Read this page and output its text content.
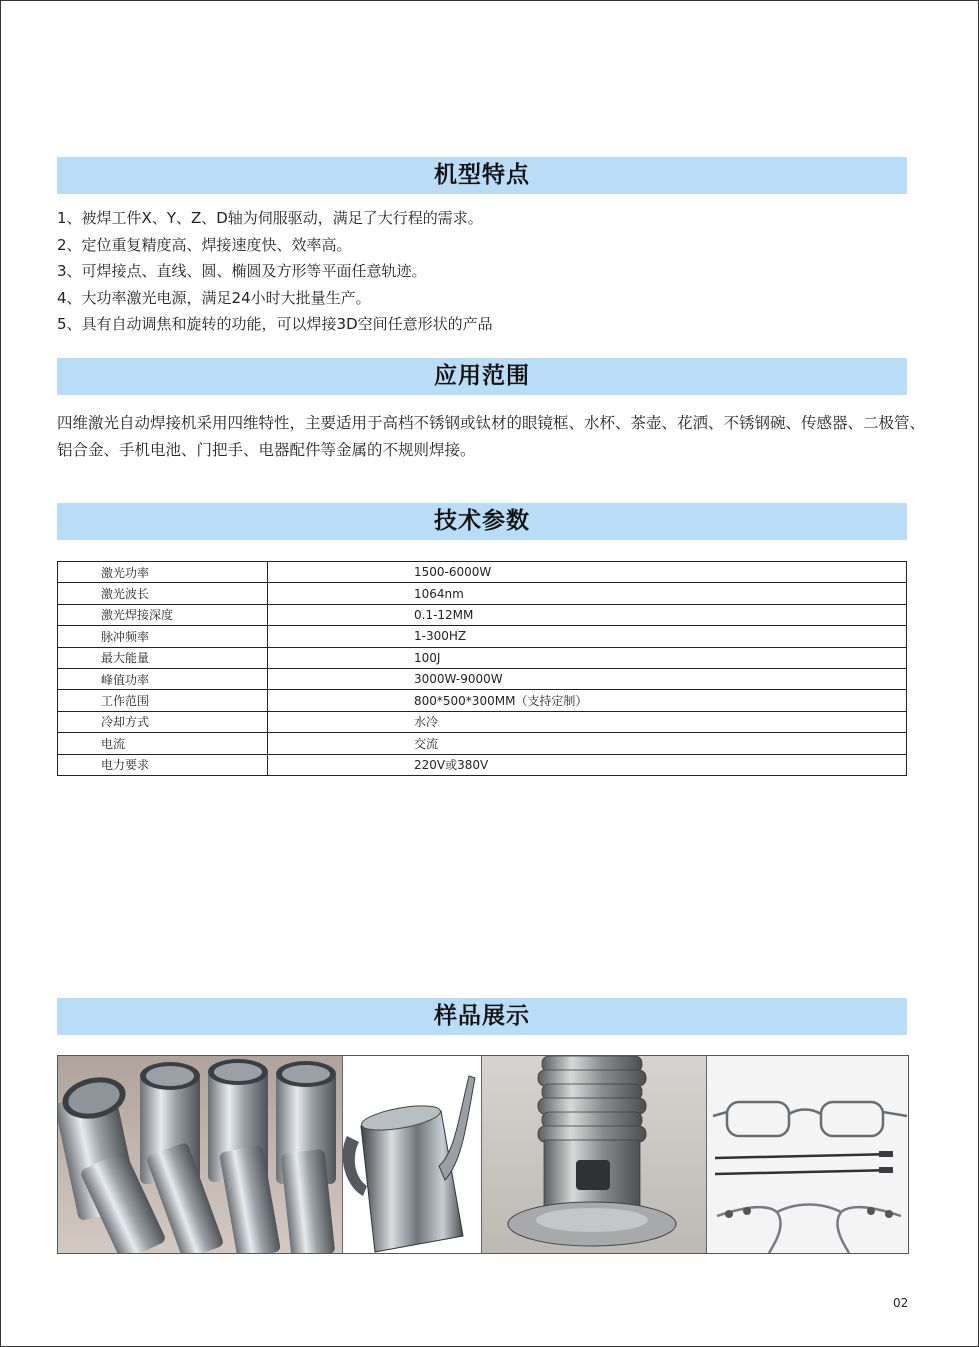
机型特点
1、被焊工件X、Y、Z、D轴为伺服驱动，满足了大行程的需求。
2、定位重复精度高、焊接速度快、效率高。
3、可焊接点、直线、圆、椭圆及方形等平面任意轨迹。
4、大功率激光电源，满足24小时大批量生产。
5、具有自动调焦和旋转的功能，可以焊接3D空间任意形状的产品
应用范围

四维激光自动焊接机采用四维特性，主要适用于高档不锈钢或钛材的眼镜框、水杯、茶壶、花洒、不锈钢碗、传感器、二极管、铝合金、手机电池、门把手、电器配件等金属的不规则焊接。

技术参数
激光功率	1500-6000W
激光波长	1064nm
激光焊接深度	0.1-12MM
脉冲频率	1-300HZ
最大能量	100J
峰值功率	3000W-9000W
工作范围	800*500*300MM（支持定制）
冷却方式	水冷
电流	交流
电力要求	220V或380V
样品展示
02
